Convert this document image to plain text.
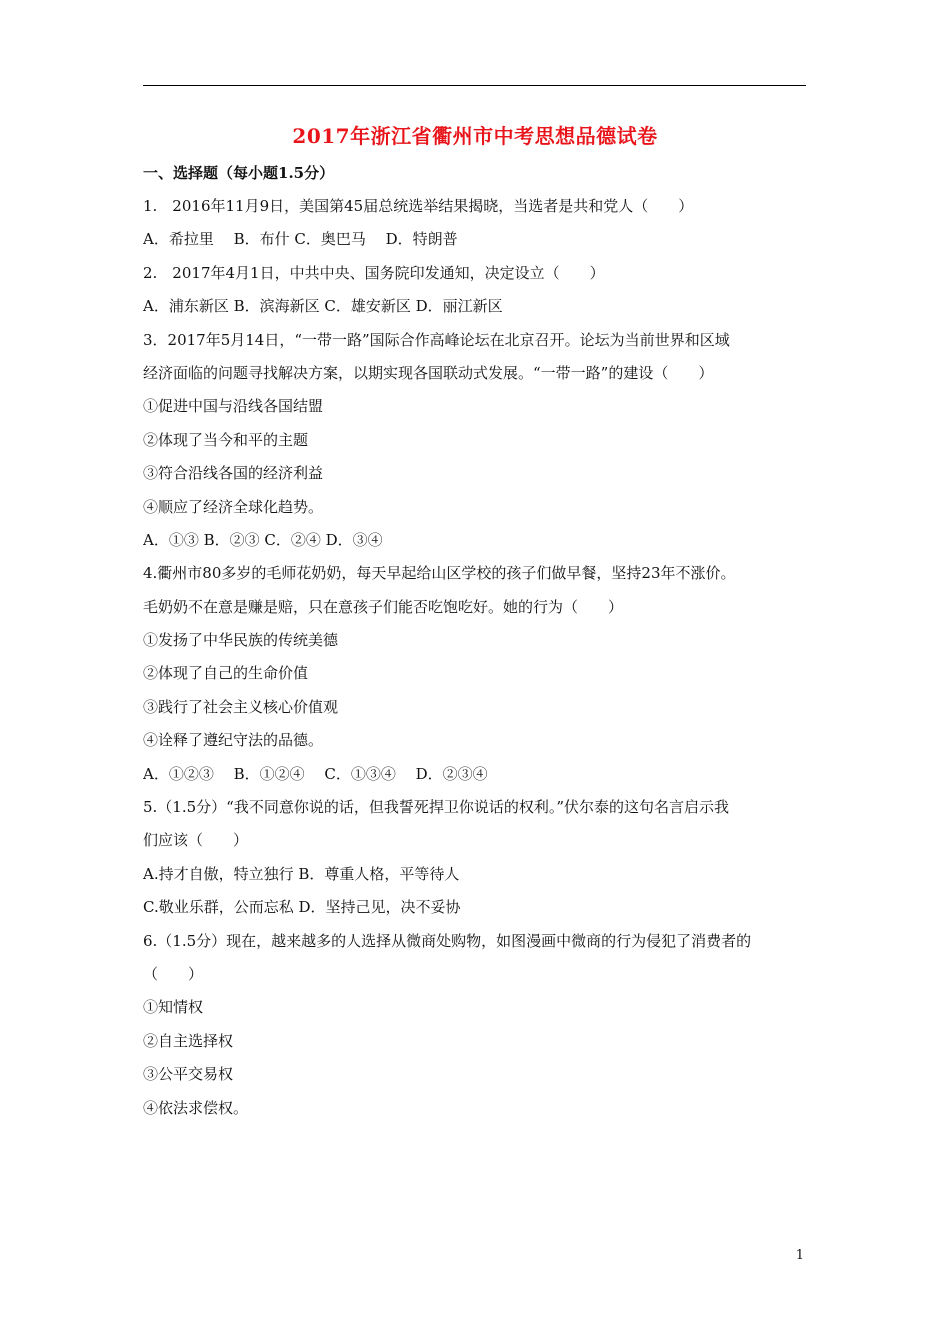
2017年浙江省衢州市中考思想品德试卷
一、选择题（每小题1.5分）
1.　2016年11月9日，美国第45届总统选举结果揭晓，当选者是共和党人（　　）
A．希拉里　 B．布什 C．奥巴马　 D．特朗普
2.　2017年4月1日，中共中央、国务院印发通知，决定设立（　　）
A．浦东新区 B．滨海新区 C．雄安新区 D．丽江新区
3．2017年5月14日，“一带一路”国际合作高峰论坛在北京召开。论坛为当前世界和区域
经济面临的问题寻找解决方案，以期实现各国联动式发展。“一带一路”的建设（　　）
①促进中国与沿线各国结盟
②体现了当今和平的主题
③符合沿线各国的经济利益
④顺应了经济全球化趋势。
A．①③ B．②③ C．②④ D．③④
4.衢州市80多岁的毛师花奶奶，每天早起给山区学校的孩子们做早餐，坚持23年不涨价。
毛奶奶不在意是赚是赔，只在意孩子们能否吃饱吃好。她的行为（　　）
①发扬了中华民族的传统美德
②体现了自己的生命价值
③践行了社会主义核心价值观
④诠释了遵纪守法的品德。
A．①②③　 B．①②④　 C．①③④　 D．②③④
5.（1.5分）“我不同意你说的话，但我誓死捍卫你说话的权利。”伏尔泰的这句名言启示我
们应该（　　）
A.持才自傲，特立独行 B．尊重人格，平等待人
C.敬业乐群，公而忘私 D．坚持己见，决不妥协
6.（1.5分）现在，越来越多的人选择从微商处购物，如图漫画中微商的行为侵犯了消费者的
（　　）
①知情权
②自主选择权
③公平交易权
④依法求偿权。
1
